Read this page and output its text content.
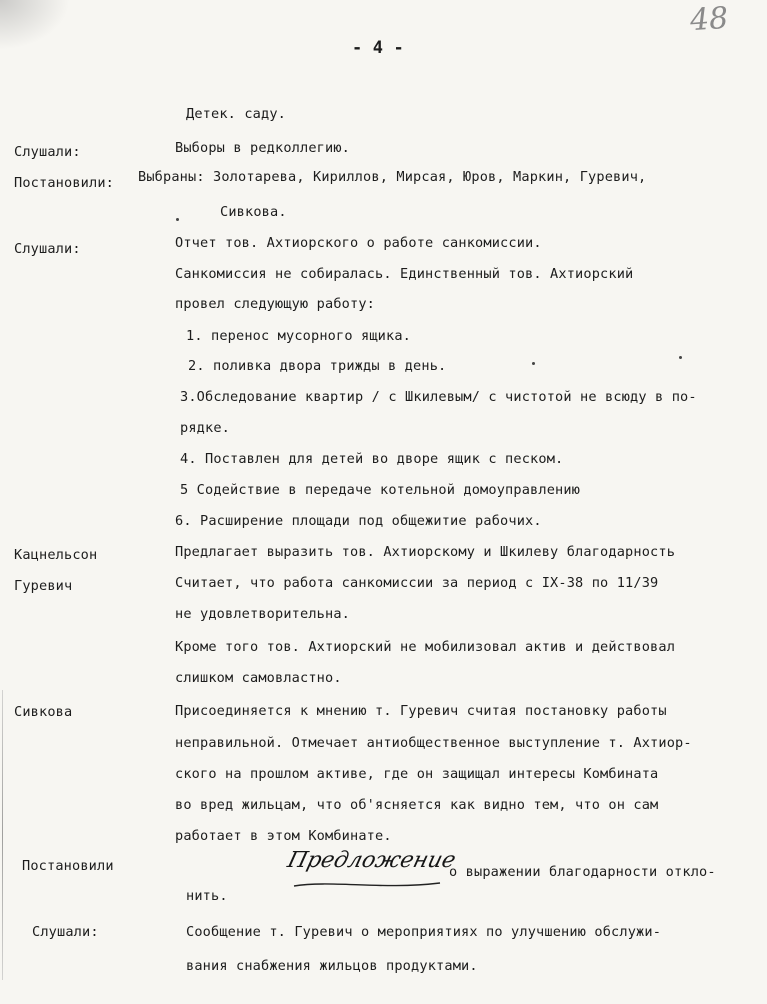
- 4 -
48
Детек. саду.
Слушали:	Выборы в редколлегию.
Постановили: Выбраны: Золотарева, Кириллов, Мирсая, Юров, Маркин, Гуревич,
Сивкова.
Слушали:	Отчет тов. Ахтиорского о работе санкомиссии.
Санкомиссия не собиралась. Единственный тов. Ахтиорский
провел следующую работу:
1. перенос мусорного ящика.
2. поливка двора трижды в день.
3.Обследование квартир / с Шкилевым/ с чистотой не всюду в по-
рядке.
4. Поставлен для детей во дворе ящик с песком.
5 Содействие в передаче котельной домоуправлению
6. Расширение площади под общежитие рабочих.
Кацнельсон	Предлагает выразить тов. Ахтиорскому и Шкилеву благодарность
Гуревич	Считает, что работа санкомиссии за период с IX-38 по 11/39
не удовлетворительна.
Кроме того тов. Ахтиорский не мобилизовал актив и действовал
слишком самовластно.
Сивкова	Присоединяется к мнению т. Гуревич считая постановку работы
неправильной. Отмечает антиобщественное выступление т. Ахтиор-
ского на прошлом активе, где он защищал интересы Комбината
во вред жильцам, что об'ясняется как видно тем, что он сам
работает в этом Комбинате.
Постановили	Предложение
о выражении благодарности откло-
нить.
Слушали:	Сообщение т. Гуревич о мероприятиях по улучшению обслужи-
вания снабжения жильцов продуктами.
